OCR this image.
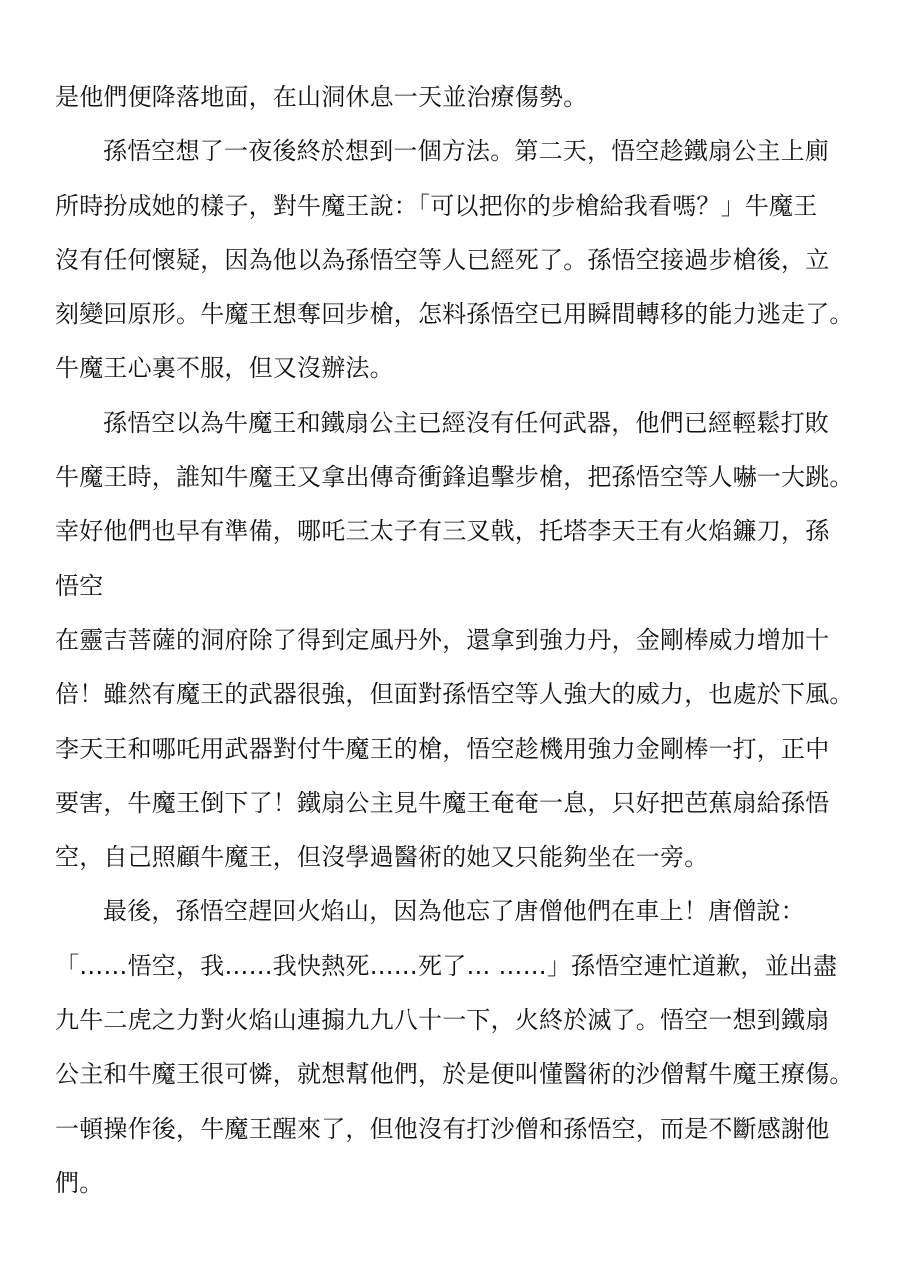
是他們便降落地面，在山洞休息一天並治療傷勢。
孫悟空想了一夜後終於想到一個方法。第二天，悟空趁鐵扇公主上廁
所時扮成她的樣子，對牛魔王說：「可以把你的步槍給我看嗎？」牛魔王
沒有任何懷疑，因為他以為孫悟空等人已經死了。孫悟空接過步槍後，立
刻變回原形。牛魔王想奪回步槍，怎料孫悟空已用瞬間轉移的能力逃走了。
牛魔王心裏不服，但又沒辦法。
孫悟空以為牛魔王和鐵扇公主已經沒有任何武器，他們已經輕鬆打敗
牛魔王時，誰知牛魔王又拿出傳奇衝鋒追擊步槍，把孫悟空等人嚇一大跳。
幸好他們也早有準備，哪吒三太子有三叉戟，托塔李天王有火焰鐮刀，孫
悟空
在靈吉菩薩的洞府除了得到定風丹外，還拿到強力丹，金剛棒威力增加十
倍！雖然有魔王的武器很強，但面對孫悟空等人強大的威力，也處於下風。
李天王和哪吒用武器對付牛魔王的槍，悟空趁機用強力金剛棒一打，正中
要害，牛魔王倒下了！鐵扇公主見牛魔王奄奄一息，只好把芭蕉扇給孫悟
空，自己照顧牛魔王，但沒學過醫術的她又只能夠坐在一旁。
最後，孫悟空趕回火焰山，因為他忘了唐僧他們在車上！唐僧說：
「……悟空，我……我快熱死……死了… ……」孫悟空連忙道歉，並出盡
九牛二虎之力對火焰山連搧九九八十一下，火終於滅了。悟空一想到鐵扇
公主和牛魔王很可憐，就想幫他們，於是便叫懂醫術的沙僧幫牛魔王療傷。
一頓操作後，牛魔王醒來了，但他沒有打沙僧和孫悟空，而是不斷感謝他
們。
